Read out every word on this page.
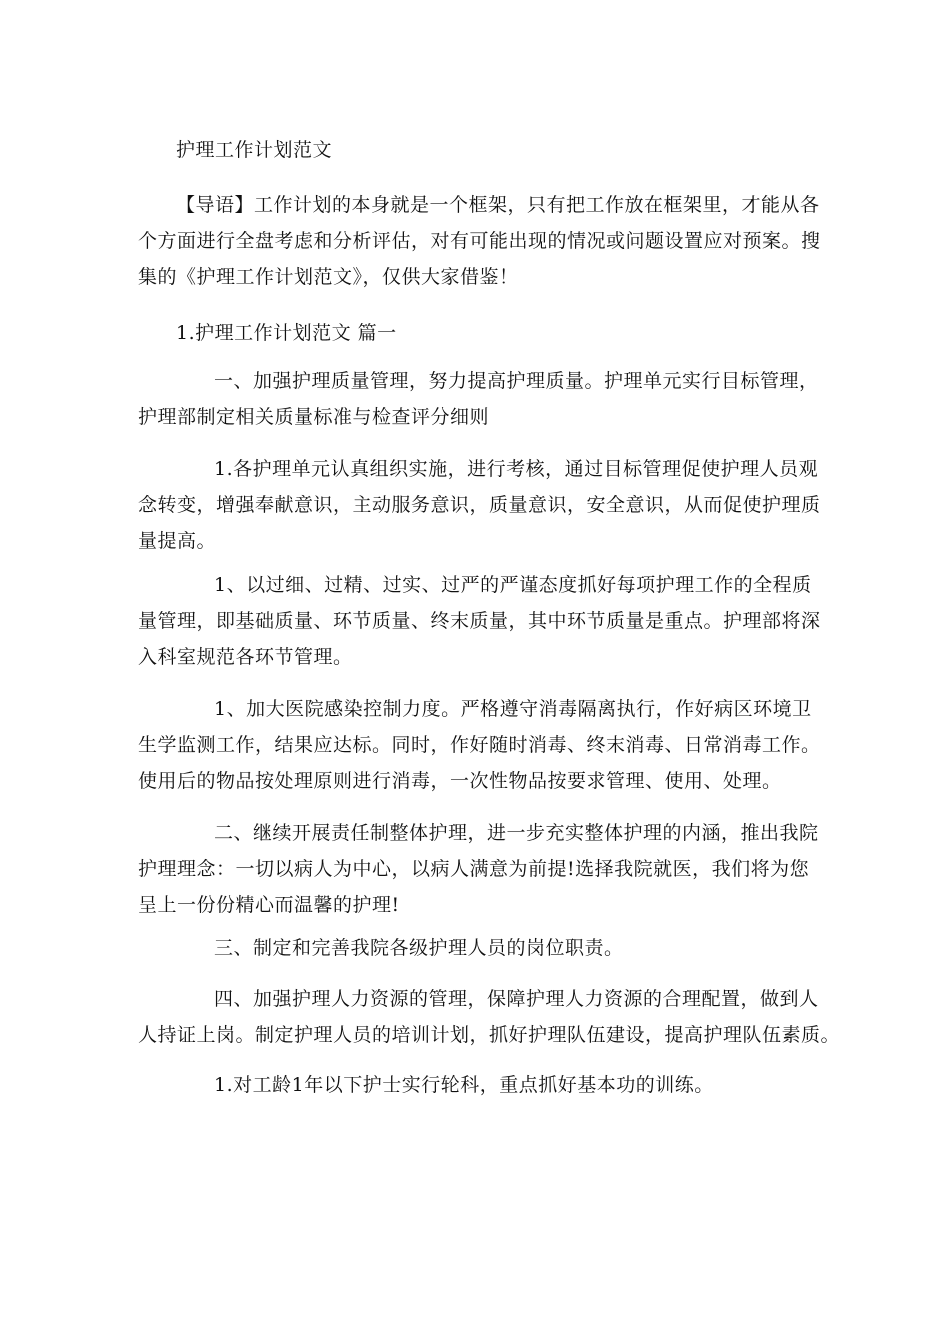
护理工作计划范文
【导语】工作计划的本身就是一个框架，只有把工作放在框架里，才能从各
个方面进行全盘考虑和分析评估，对有可能出现的情况或问题设置应对预案。搜
集的《护理工作计划范文》，仅供大家借鉴！
1.护理工作计划范文 篇一
一、加强护理质量管理，努力提高护理质量。护理单元实行目标管理，
护理部制定相关质量标准与检查评分细则
1.各护理单元认真组织实施，进行考核，通过目标管理促使护理人员观
念转变，增强奉献意识，主动服务意识，质量意识，安全意识，从而促使护理质
量提高。
1、以过细、过精、过实、过严的严谨态度抓好每项护理工作的全程质
量管理，即基础质量、环节质量、终末质量，其中环节质量是重点。护理部将深
入科室规范各环节管理。
1、加大医院感染控制力度。严格遵守消毒隔离执行，作好病区环境卫
生学监测工作，结果应达标。同时，作好随时消毒、终末消毒、日常消毒工作。
使用后的物品按处理原则进行消毒，一次性物品按要求管理、使用、处理。
二、继续开展责任制整体护理，进一步充实整体护理的内涵，推出我院
护理理念：一切以病人为中心，以病人满意为前提!选择我院就医，我们将为您
呈上一份份精心而温馨的护理!
三、制定和完善我院各级护理人员的岗位职责。
四、加强护理人力资源的管理，保障护理人力资源的合理配置，做到人
人持证上岗。制定护理人员的培训计划，抓好护理队伍建设，提高护理队伍素质。
1.对工龄1年以下护士实行轮科，重点抓好基本功的训练。
